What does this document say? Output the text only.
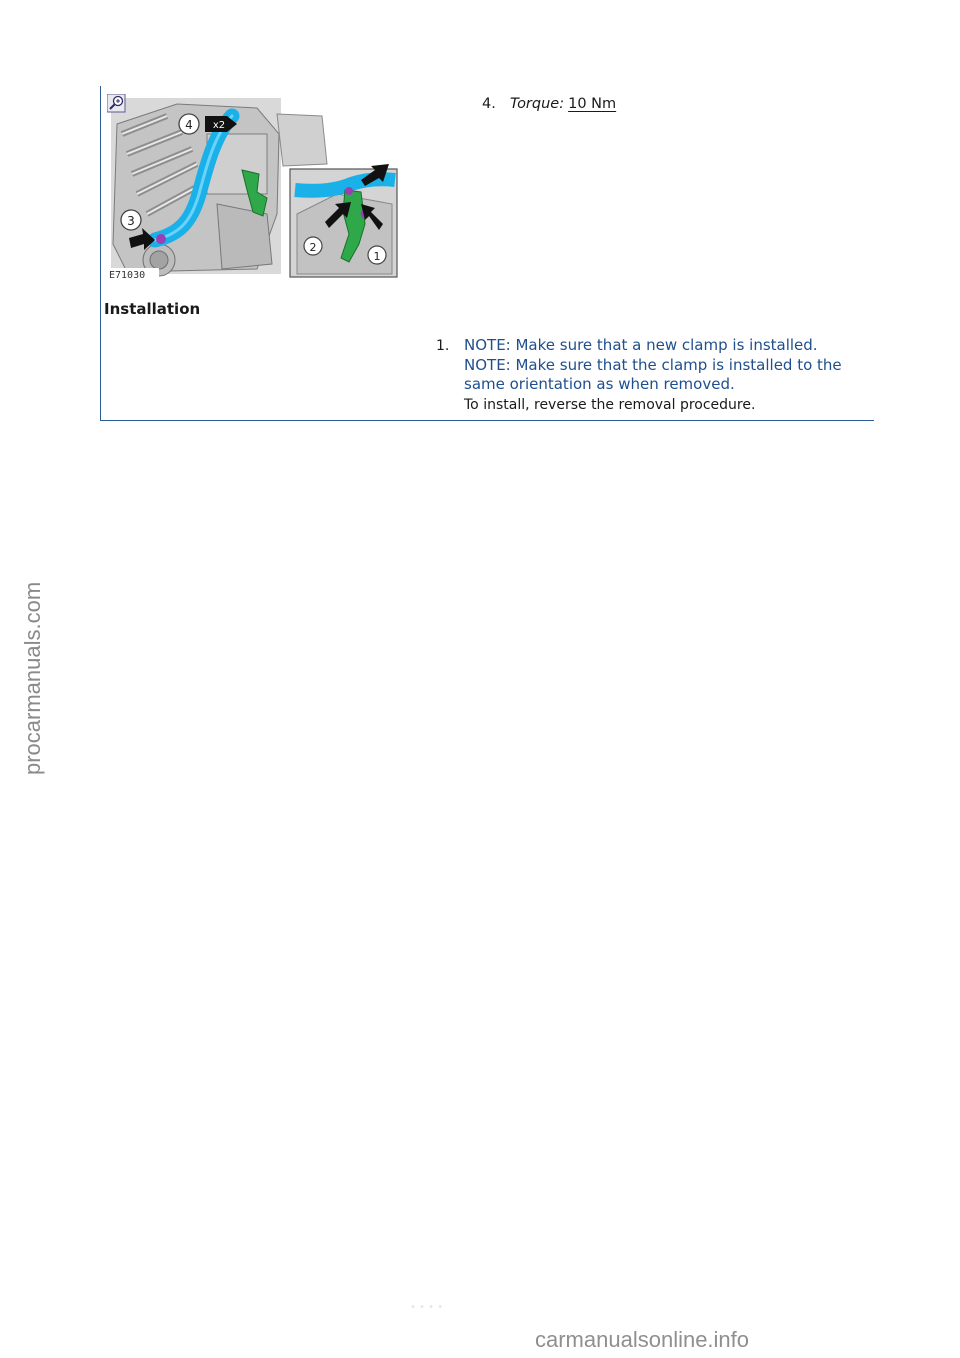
4 x2
3
2
1
E71030
4. Torque: 10 Nm
Installation
1. NOTE: Make sure that a new clamp is installed.
NOTE: Make sure that the clamp is installed to the
same orientation as when removed.
To install, reverse the removal procedure.
• • • •
procarmanuals.com
carmanualsonline.info
